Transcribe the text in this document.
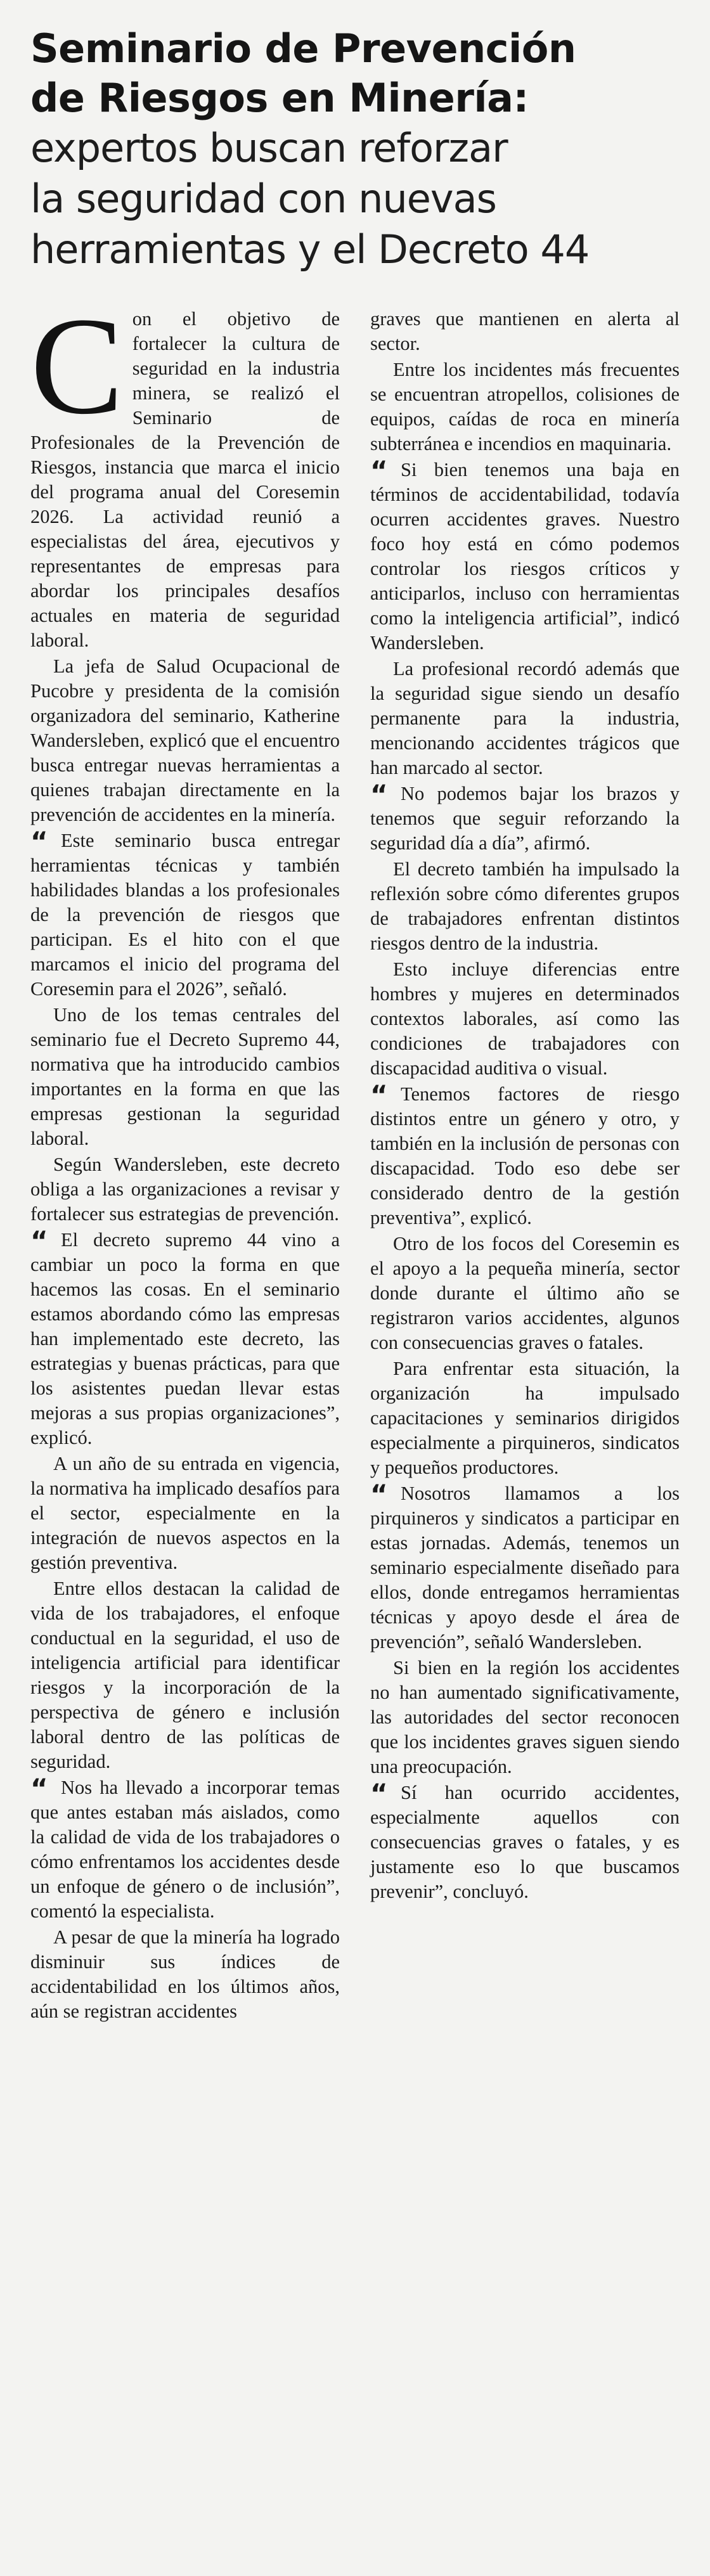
Seminario de Prevención
de Riesgos en Minería:
expertos buscan reforzar
la seguridad con nuevas
herramientas y el Decreto 44

Con el objetivo de fortalecer la cultura de seguridad en la industria minera, se realizó el Seminario de Profesionales de la Prevención de Riesgos, instancia que marca el inicio del programa anual del Coresemin 2026. La actividad reunió a especialistas del área, ejecutivos y representantes de empresas para abordar los principales desafíos actuales en materia de seguridad laboral.

La jefa de Salud Ocupacional de Pucobre y presidenta de la comisión organizadora del seminario, Katherine Wandersleben, explicó que el encuentro busca entregar nuevas herramientas a quienes trabajan directamente en la prevención de accidentes en la minería.

“ Este seminario busca entregar herramientas técnicas y también habilidades blandas a los profesionales de la prevención de riesgos que participan. Es el hito con el que marcamos el inicio del programa del Coresemin para el 2026”, señaló.

Uno de los temas centrales del seminario fue el Decreto Supremo 44, normativa que ha introducido cambios importantes en la forma en que las empresas gestionan la seguridad laboral.

Según Wandersleben, este decreto obliga a las organizaciones a revisar y fortalecer sus estrategias de prevención.

“ El decreto supremo 44 vino a cambiar un poco la forma en que hacemos las cosas. En el seminario estamos abordando cómo las empresas han implementado este decreto, las estrategias y buenas prácticas, para que los asistentes puedan llevar estas mejoras a sus propias organizaciones”, explicó.

A un año de su entrada en vigencia, la normativa ha implicado desafíos para el sector, especialmente en la integración de nuevos aspectos en la gestión preventiva.

Entre ellos destacan la calidad de vida de los trabajadores, el enfoque conductual en la seguridad, el uso de inteligencia artificial para identificar riesgos y la incorporación de la perspectiva de género e inclusión laboral dentro de las políticas de seguridad.

“ Nos ha llevado a incorporar temas que antes estaban más aislados, como la calidad de vida de los trabajadores o cómo enfrentamos los accidentes desde un enfoque de género o de inclusión”, comentó la especialista.

A pesar de que la minería ha logrado disminuir sus índices de accidentabilidad en los últimos años, aún se registran accidentes

graves que mantienen en alerta al sector.

Entre los incidentes más frecuentes se encuentran atropellos, colisiones de equipos, caídas de roca en minería subterránea e incendios en maquinaria.

“ Si bien tenemos una baja en términos de accidentabilidad, todavía ocurren accidentes graves. Nuestro foco hoy está en cómo podemos controlar los riesgos críticos y anticiparlos, incluso con herramientas como la inteligencia artificial”, indicó Wandersleben.

La profesional recordó además que la seguridad sigue siendo un desafío permanente para la industria, mencionando accidentes trágicos que han marcado al sector.

“ No podemos bajar los brazos y tenemos que seguir reforzando la seguridad día a día”, afirmó.

El decreto también ha impulsado la reflexión sobre cómo diferentes grupos de trabajadores enfrentan distintos riesgos dentro de la industria.

Esto incluye diferencias entre hombres y mujeres en determinados contextos laborales, así como las condiciones de trabajadores con discapacidad auditiva o visual.

“ Tenemos factores de riesgo distintos entre un género y otro, y también en la inclusión de personas con discapacidad. Todo eso debe ser considerado dentro de la gestión preventiva”, explicó.

Otro de los focos del Coresemin es el apoyo a la pequeña minería, sector donde durante el último año se registraron varios accidentes, algunos con consecuencias graves o fatales.

Para enfrentar esta situación, la organización ha impulsado capacitaciones y seminarios dirigidos especialmente a pirquineros, sindicatos y pequeños productores.

“ Nosotros llamamos a los pirquineros y sindicatos a participar en estas jornadas. Además, tenemos un seminario especialmente diseñado para ellos, donde entregamos herramientas técnicas y apoyo desde el área de prevención”, señaló Wandersleben.

Si bien en la región los accidentes no han aumentado significativamente, las autoridades del sector reconocen que los incidentes graves siguen siendo una preocupación.

“ Sí han ocurrido accidentes, especialmente aquellos con consecuencias graves o fatales, y es justamente eso lo que buscamos prevenir”, concluyó.
